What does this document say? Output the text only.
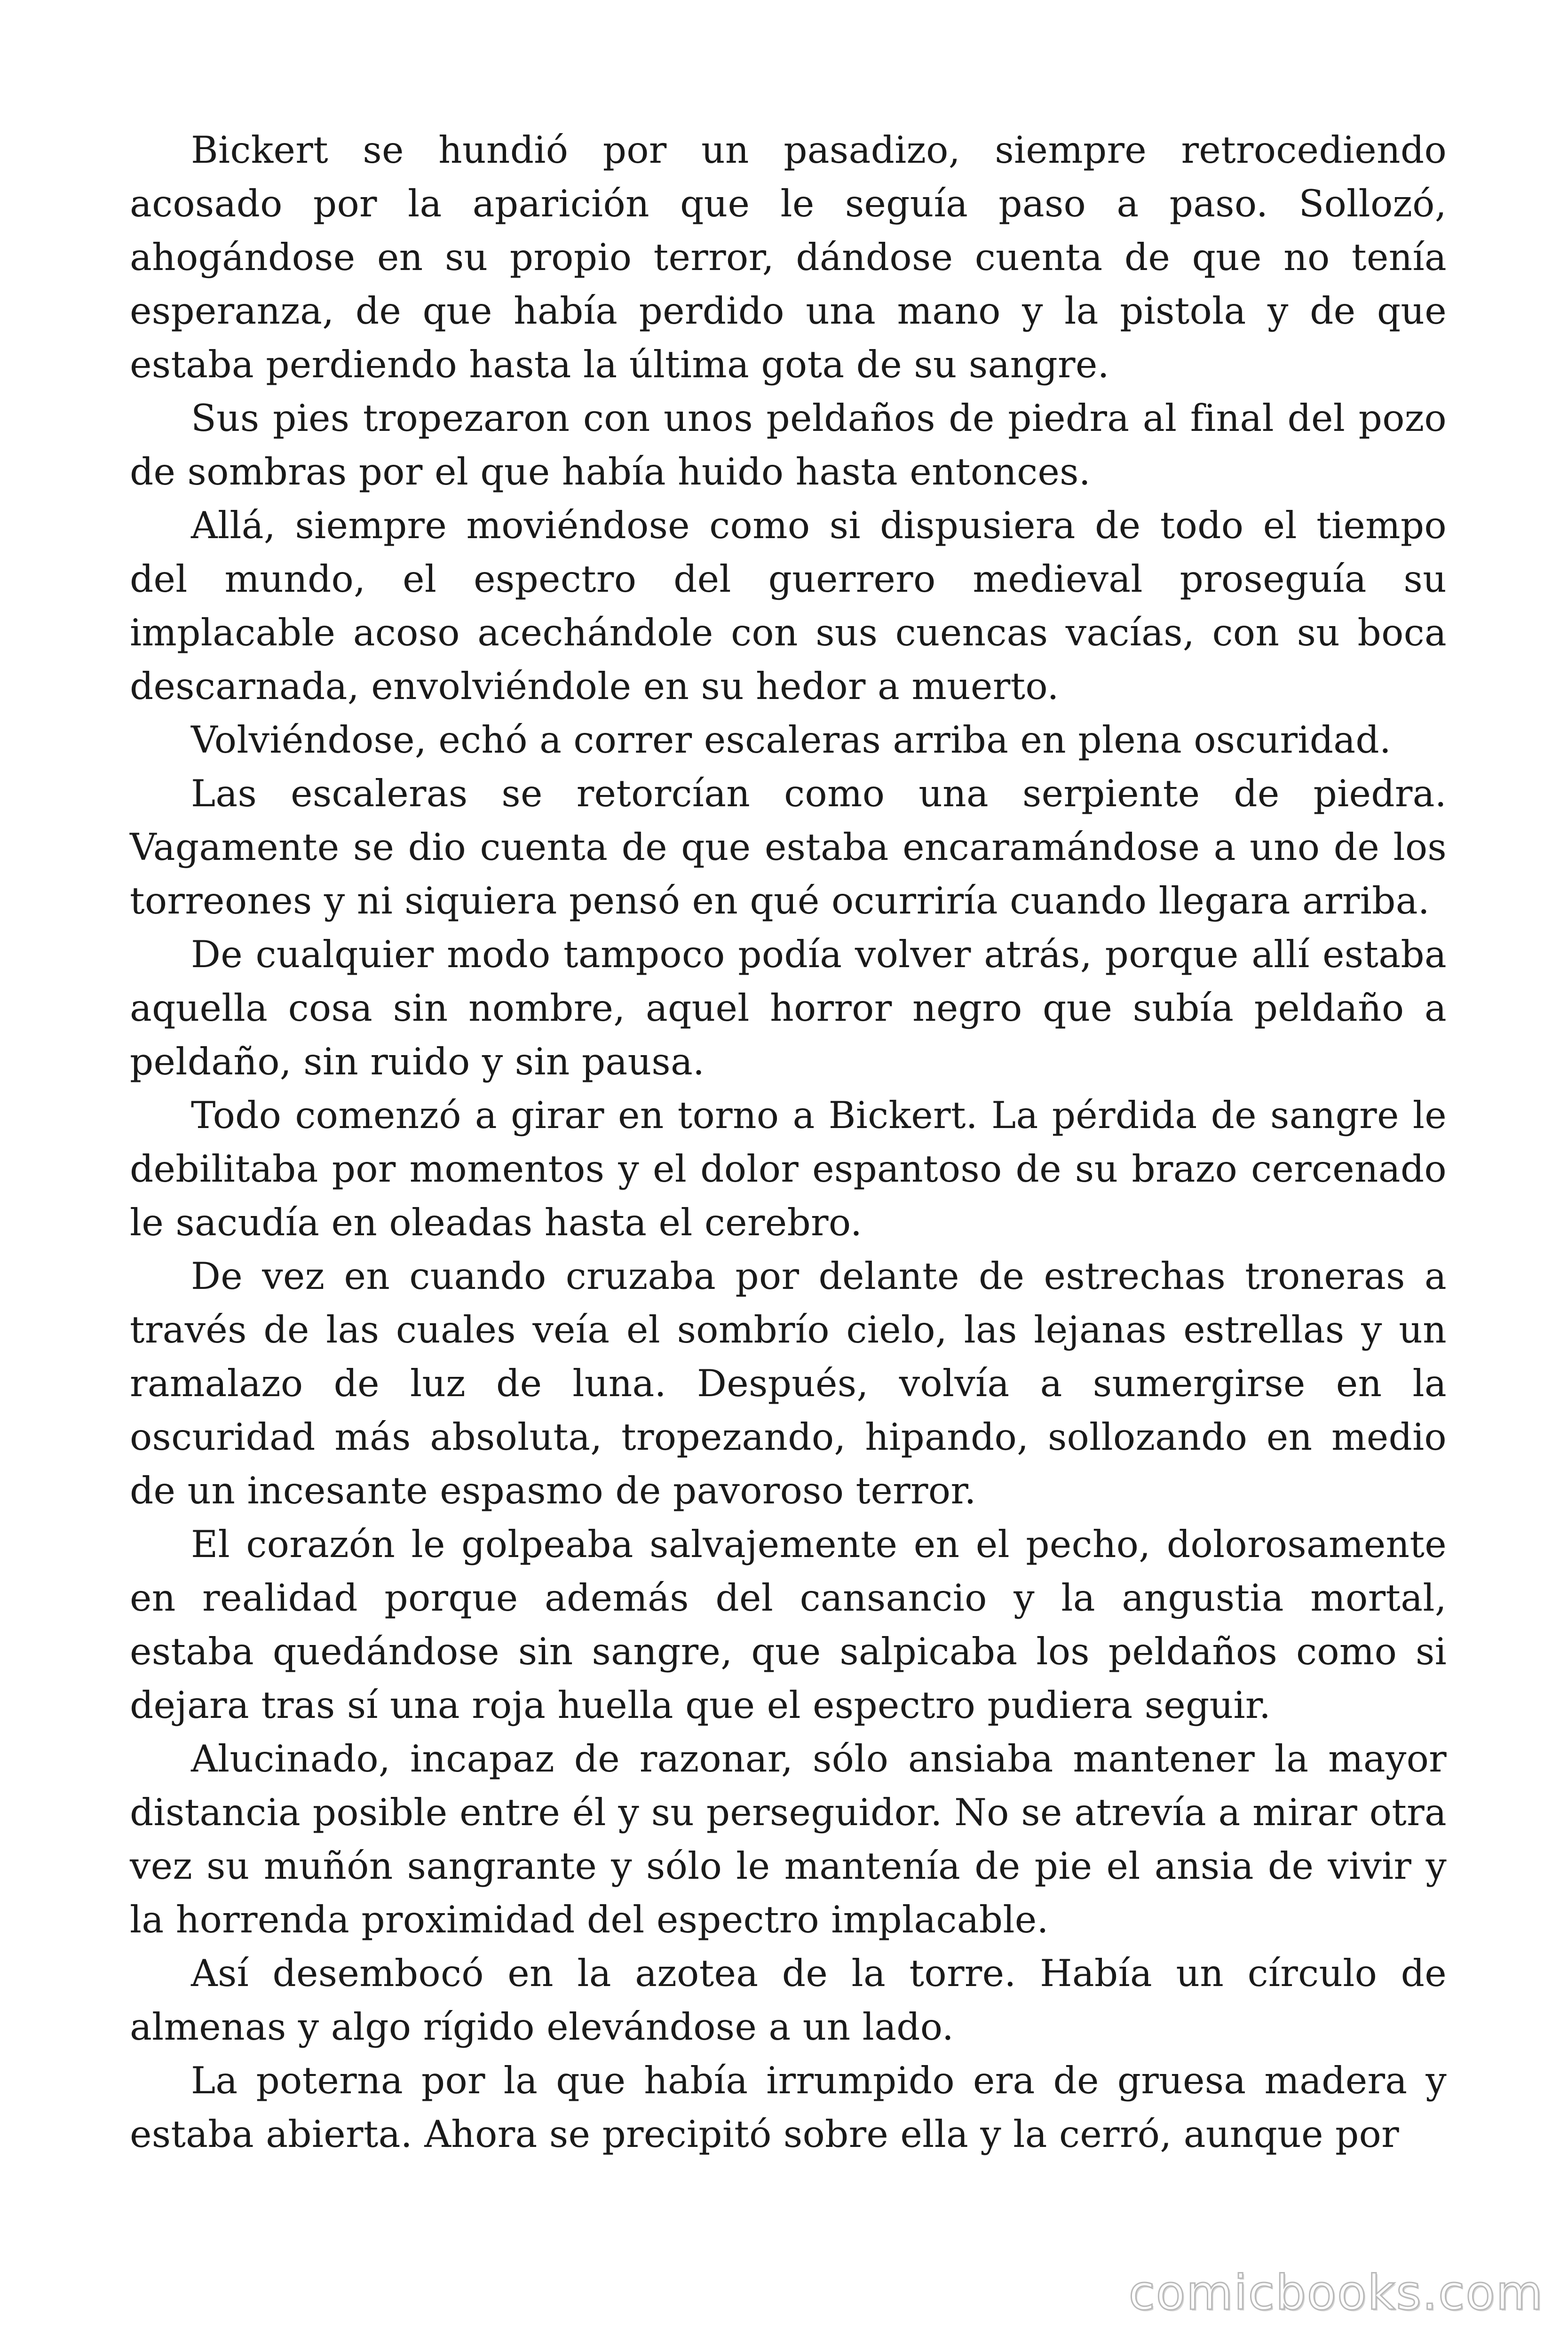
Bickert se hundió por un pasadizo, siempre retrocediendo acosado por la aparición que le seguía paso a paso. Sollozó, ahogándose en su propio terror, dándose cuenta de que no tenía esperanza, de que había perdido una mano y la pistola y de que estaba perdiendo hasta la última gota de su sangre.

Sus pies tropezaron con unos peldaños de piedra al final del pozo de sombras por el que había huido hasta entonces.

Allá, siempre moviéndose como si dispusiera de todo el tiempo del mundo, el espectro del guerrero medieval proseguía su implacable acoso acechándole con sus cuencas vacías, con su boca descarnada, envolviéndole en su hedor a muerto.

Volviéndose, echó a correr escaleras arriba en plena oscuridad.

Las escaleras se retorcían como una serpiente de piedra. Vagamente se dio cuenta de que estaba encaramándose a uno de los torreones y ni siquiera pensó en qué ocurriría cuando llegara arriba.

De cualquier modo tampoco podía volver atrás, porque allí estaba aquella cosa sin nombre, aquel horror negro que subía peldaño a peldaño, sin ruido y sin pausa.

Todo comenzó a girar en torno a Bickert. La pérdida de sangre le debilitaba por momentos y el dolor espantoso de su brazo cercenado le sacudía en oleadas hasta el cerebro.

De vez en cuando cruzaba por delante de estrechas troneras a través de las cuales veía el sombrío cielo, las lejanas estrellas y un ramalazo de luz de luna. Después, volvía a sumergirse en la oscuridad más absoluta, tropezando, hipando, sollozando en medio de un incesante espasmo de pavoroso terror.

El corazón le golpeaba salvajemente en el pecho, dolorosamente en realidad porque además del cansancio y la angustia mortal, estaba quedándose sin sangre, que salpicaba los peldaños como si dejara tras sí una roja huella que el espectro pudiera seguir.

Alucinado, incapaz de razonar, sólo ansiaba mantener la mayor distancia posible entre él y su perseguidor. No se atrevía a mirar otra vez su muñón sangrante y sólo le mantenía de pie el ansia de vivir y la horrenda proximidad del espectro implacable.

Así desembocó en la azotea de la torre. Había un círculo de almenas y algo rígido elevándose a un lado.

La poterna por la que había irrumpido era de gruesa madera y estaba abierta. Ahora se precipitó sobre ella y la cerró, aunque por

comicbooks.com
